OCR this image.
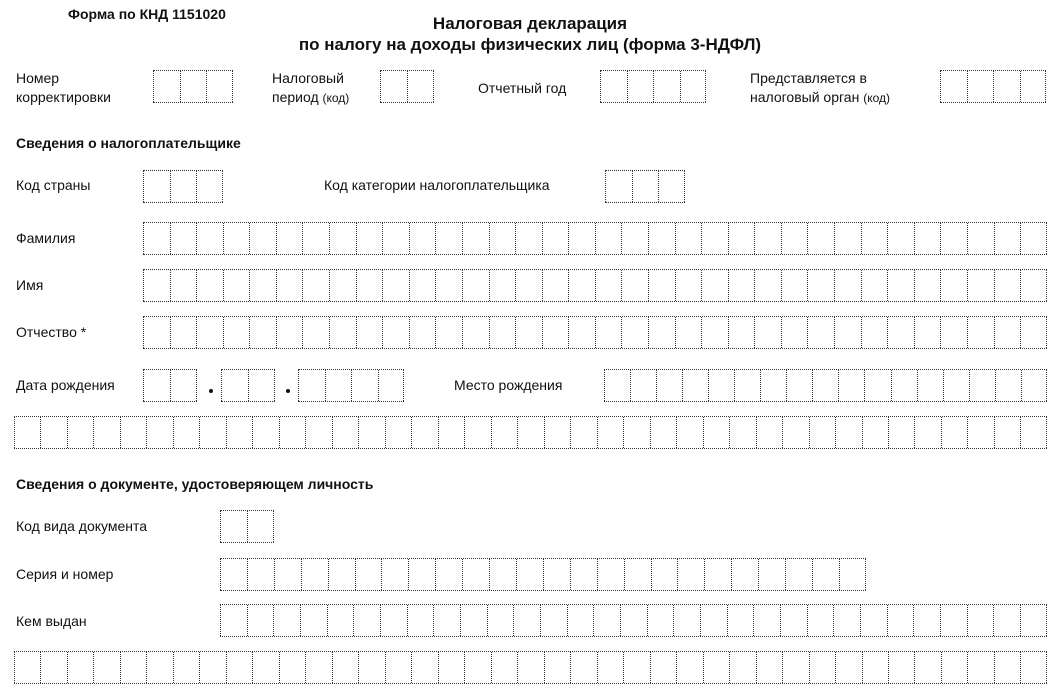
Форма по КНД 1151020	Налоговая декларация
по налогу на доходы физических лиц (форма 3-НДФЛ)
Номер
корректировки
Налоговый
период (код)
Отчетный год
Представляется в
налоговый орган (код)
Сведения о налогоплательщике
Код страны	Код категории налогоплательщика
Фамилия
Имя
Отчество *
Дата рождения	Место рождения
Сведения о документе, удостоверяющем личность
Код вида документа
Серия и номер
Кем выдан
